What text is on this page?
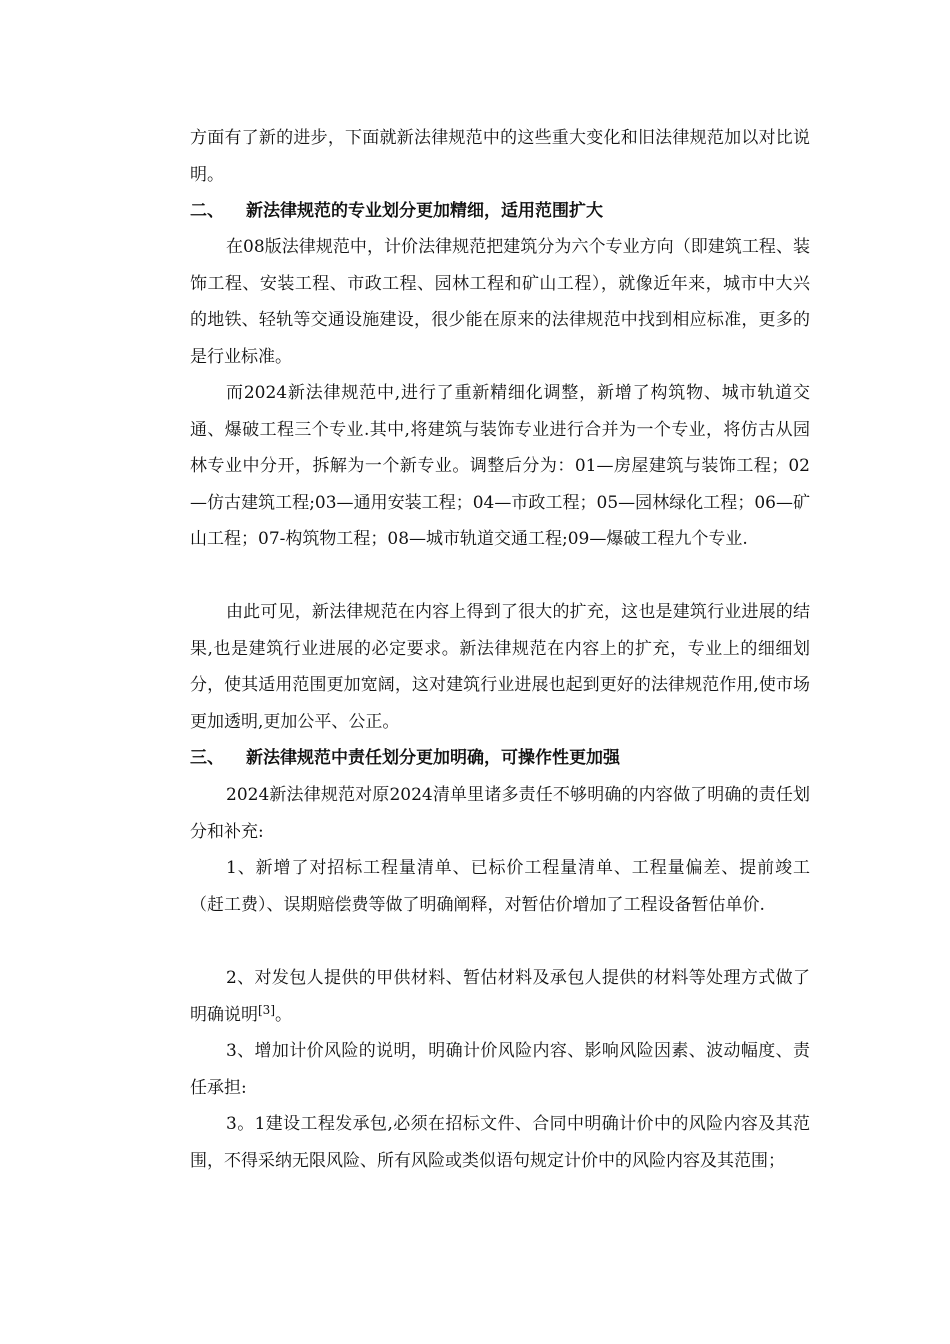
方面有了新的进步，下面就新法律规范中的这些重大变化和旧法律规范加以对比说明。
二、 新法律规范的专业划分更加精细，适用范围扩大
在08版法律规范中，计价法律规范把建筑分为六个专业方向（即建筑工程、装饰工程、安装工程、市政工程、园林工程和矿山工程），就像近年来，城市中大兴的地铁、轻轨等交通设施建设，很少能在原来的法律规范中找到相应标准，更多的是行业标准。
而2024新法律规范中,进行了重新精细化调整，新增了构筑物、城市轨道交通、爆破工程三个专业.其中,将建筑与装饰专业进行合并为一个专业，将仿古从园林专业中分开，拆解为一个新专业。调整后分为：01—房屋建筑与装饰工程；02—仿古建筑工程;03—通用安装工程；04—市政工程；05—园林绿化工程；06—矿山工程；07-构筑物工程；08—城市轨道交通工程;09—爆破工程九个专业.
由此可见，新法律规范在内容上得到了很大的扩充，这也是建筑行业进展的结果,也是建筑行业进展的必定要求。新法律规范在内容上的扩充，专业上的细细划分，使其适用范围更加宽阔，这对建筑行业进展也起到更好的法律规范作用,使市场更加透明,更加公平、公正。
三、 新法律规范中责任划分更加明确，可操作性更加强
2024新法律规范对原2024清单里诸多责任不够明确的内容做了明确的责任划分和补充:
1、新增了对招标工程量清单、已标价工程量清单、工程量偏差、提前竣工（赶工费）、误期赔偿费等做了明确阐释，对暂估价增加了工程设备暂估单价.
2、对发包人提供的甲供材料、暂估材料及承包人提供的材料等处理方式做了明确说明[3]。
3、增加计价风险的说明，明确计价风险内容、影响风险因素、波动幅度、责任承担:
3。1建设工程发承包,必须在招标文件、合同中明确计价中的风险内容及其范围，不得采纳无限风险、所有风险或类似语句规定计价中的风险内容及其范围；
